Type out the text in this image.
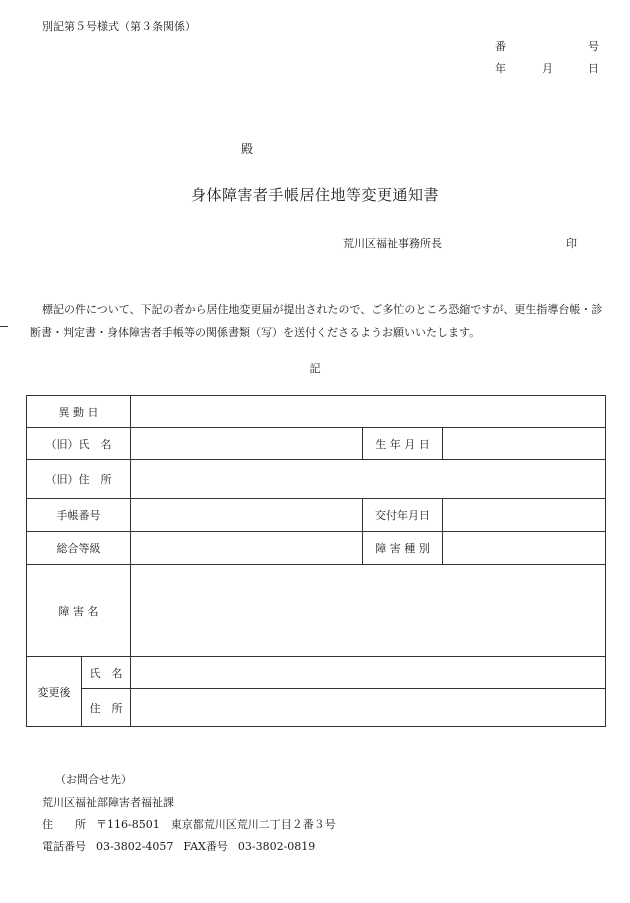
別記第５号様式（第３条関係）
番	号
年	月	日
殿
身体障害者手帳居住地等変更通知書
荒川区福祉事務所長	印
標記の件について、下記の者から居住地変更届が提出されたので、ご多忙のところ恐縮ですが、更生指導台帳・診断書・判定書・身体障害者手帳等の関係書類（写）を送付くださるようお願いいたします。
記
異 動 日				
（旧）氏　名			生 年 月 日	
（旧）住　所				
手帳番号			交付年月日	
総合等級			障 害 種 別	
障 害 名				
変更後	氏　名			
	住　所			
（お問合せ先）
荒川区福祉部障害者福祉課
住　　所 〒116-8501　東京都荒川区荒川二丁目２番３号
電話番号 03-3802-4057 FAX番号 03-3802-0819
